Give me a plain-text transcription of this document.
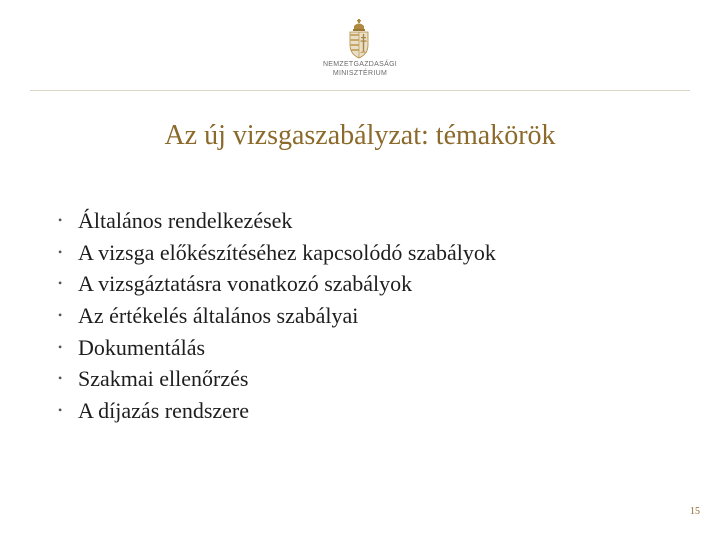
NEMZETGAZDASÁGI
MINISZTÉRIUM
Az új vizsgaszabályzat: témakörök
• Általános rendelkezések
• A vizsga előkészítéséhez kapcsolódó szabályok
• A vizsgáztatásra vonatkozó szabályok
• Az értékelés általános szabályai
• Dokumentálás
• Szakmai ellenőrzés
• A díjazás rendszere
15
